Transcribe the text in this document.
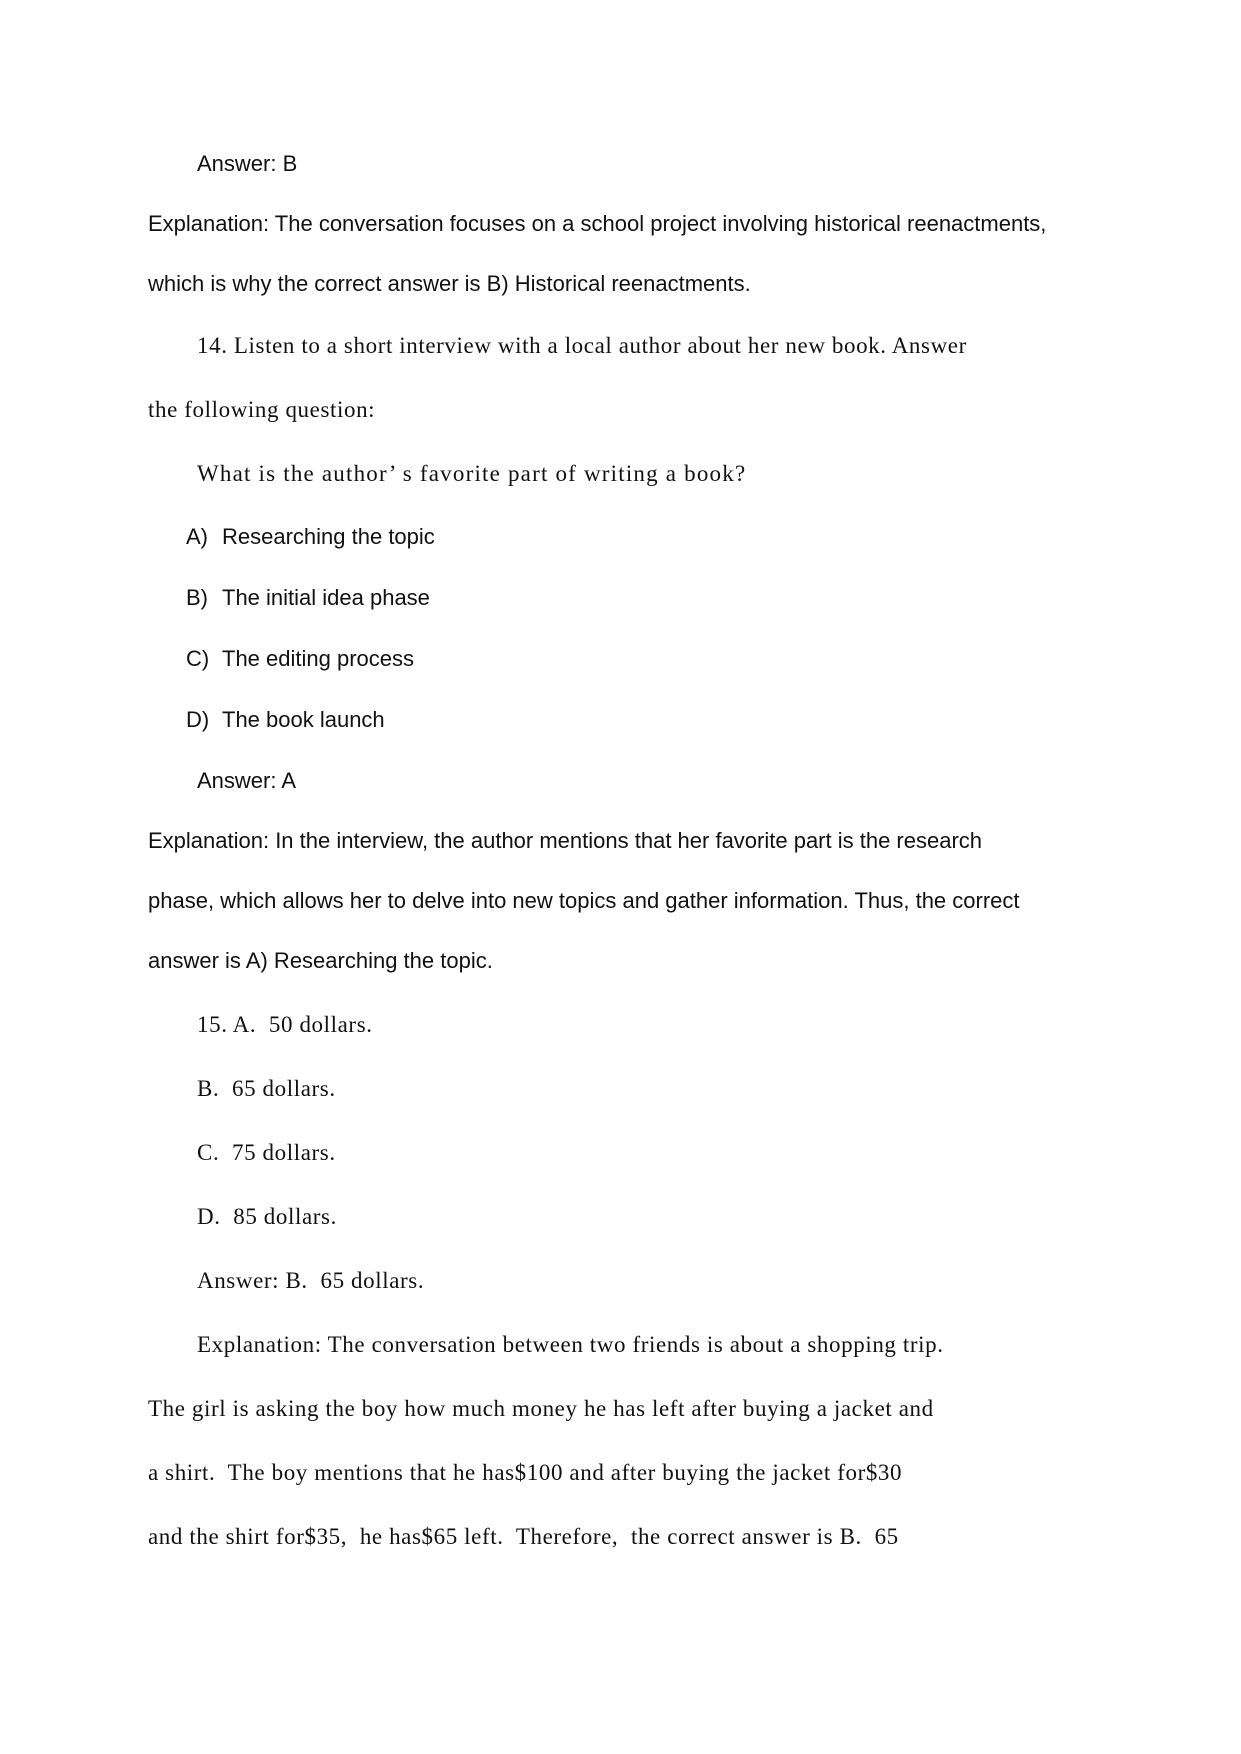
Answer: B
Explanation: The conversation focuses on a school project involving historical reenactments,
which is why the correct answer is B) Historical reenactments.
14. Listen to a short interview with a local author about her new book. Answer
the following question:
What is the author’ s favorite part of writing a book?
A) Researching the topic
B) The initial idea phase
C) The editing process
D) The book launch
Answer: A
Explanation: In the interview, the author mentions that her favorite part is the research
phase, which allows her to delve into new topics and gather information. Thus, the correct
answer is A) Researching the topic.
15. A.  50 dollars.
B.  65 dollars.
C.  75 dollars.
D.  85 dollars.
Answer: B.  65 dollars.
Explanation: The conversation between two friends is about a shopping trip.
The girl is asking the boy how much money he has left after buying a jacket and
a shirt.  The boy mentions that he has$100 and after buying the jacket for$30
and the shirt for$35,  he has$65 left.  Therefore,  the correct answer is B.  65
